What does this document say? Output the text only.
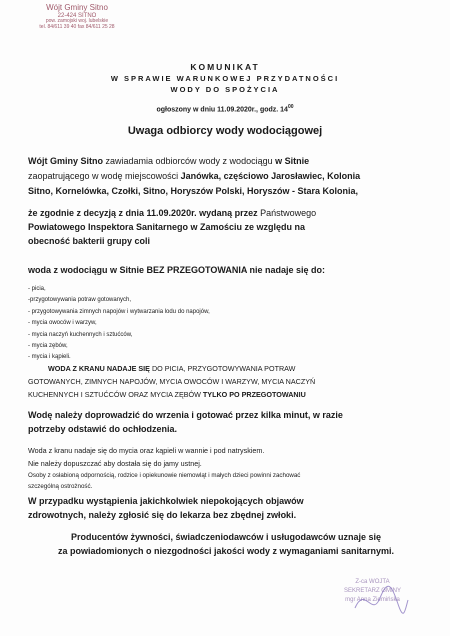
Wójt Gminy Sitno
22-424 SITNO
pow. zamojski woj. lubelskie
tel. 84/611 39 40 fax 84/611 25 28
KOMUNIKAT
W SPRAWIE WARUNKOWEJ PRZYDATNOŚCI
WODY DO SPOŻYCIA
ogłoszony w dniu 11.09.2020r., godz. $14^{00}$
Uwaga odbiorcy wody wodociągowej
Wójt Gminy Sitno zawiadamia odbiorców wody z wodociągu w Sitnie
zaopatrującego w wodę miejscowości Janówka, częściowo Jarosławiec, Kolonia
Sitno, Kornelówka, Czołki, Sitno, Horyszów Polski, Horyszów - Stara Kolonia,
że zgodnie z decyzją z dnia 11.09.2020r. wydaną przez Państwowego
Powiatowego Inspektora Sanitarnego w Zamościu ze względu na
obecność bakterii grupy coli
woda z wodociągu w Sitnie BEZ PRZEGOTOWANIA nie nadaje się do:
- picia,
-przygotowywania potraw gotowanych,
- przygotowywania zimnych napojów i wytwarzania lodu do napojów,
- mycia owoców i warzyw,
- mycia naczyń kuchennych i sztućców,
- mycia zębów,
- mycia i kąpieli.
WODA Z KRANU NADAJE SIĘ DO PICIA, PRZYGOTOWYWANIA POTRAW
GOTOWANYCH, ZIMNYCH NAPOJÓW, MYCIA OWOCÓW I WARZYW, MYCIA NACZYŃ
KUCHENNYCH I SZTUĆCÓW ORAZ MYCIA ZĘBÓW TYLKO PO PRZEGOTOWANIU
Wodę należy doprowadzić do wrzenia i gotować przez kilka minut, w razie
potrzeby odstawić do ochłodzenia.
Woda z kranu nadaje się do mycia oraz kąpieli w wannie i pod natryskiem.
Nie należy dopuszczać aby dostała się do jamy ustnej.
Osoby z osłabioną odpornością, rodzice i opiekunowie niemowląt i małych dzieci powinni zachować
szczególną ostrożność.
W przypadku wystąpienia jakichkolwiek niepokojących objawów
zdrowotnych, należy zgłosić się do lekarza bez zbędnej zwłoki.
Producentów żywności, świadczeniodawców i usługodawców uznaje się
za powiadomionych o niezgodności jakości wody z wymaganiami sanitarnymi.
Z-ca WÓJTA
SEKRETARZ GMINY
mgr Anna Ziemińska
